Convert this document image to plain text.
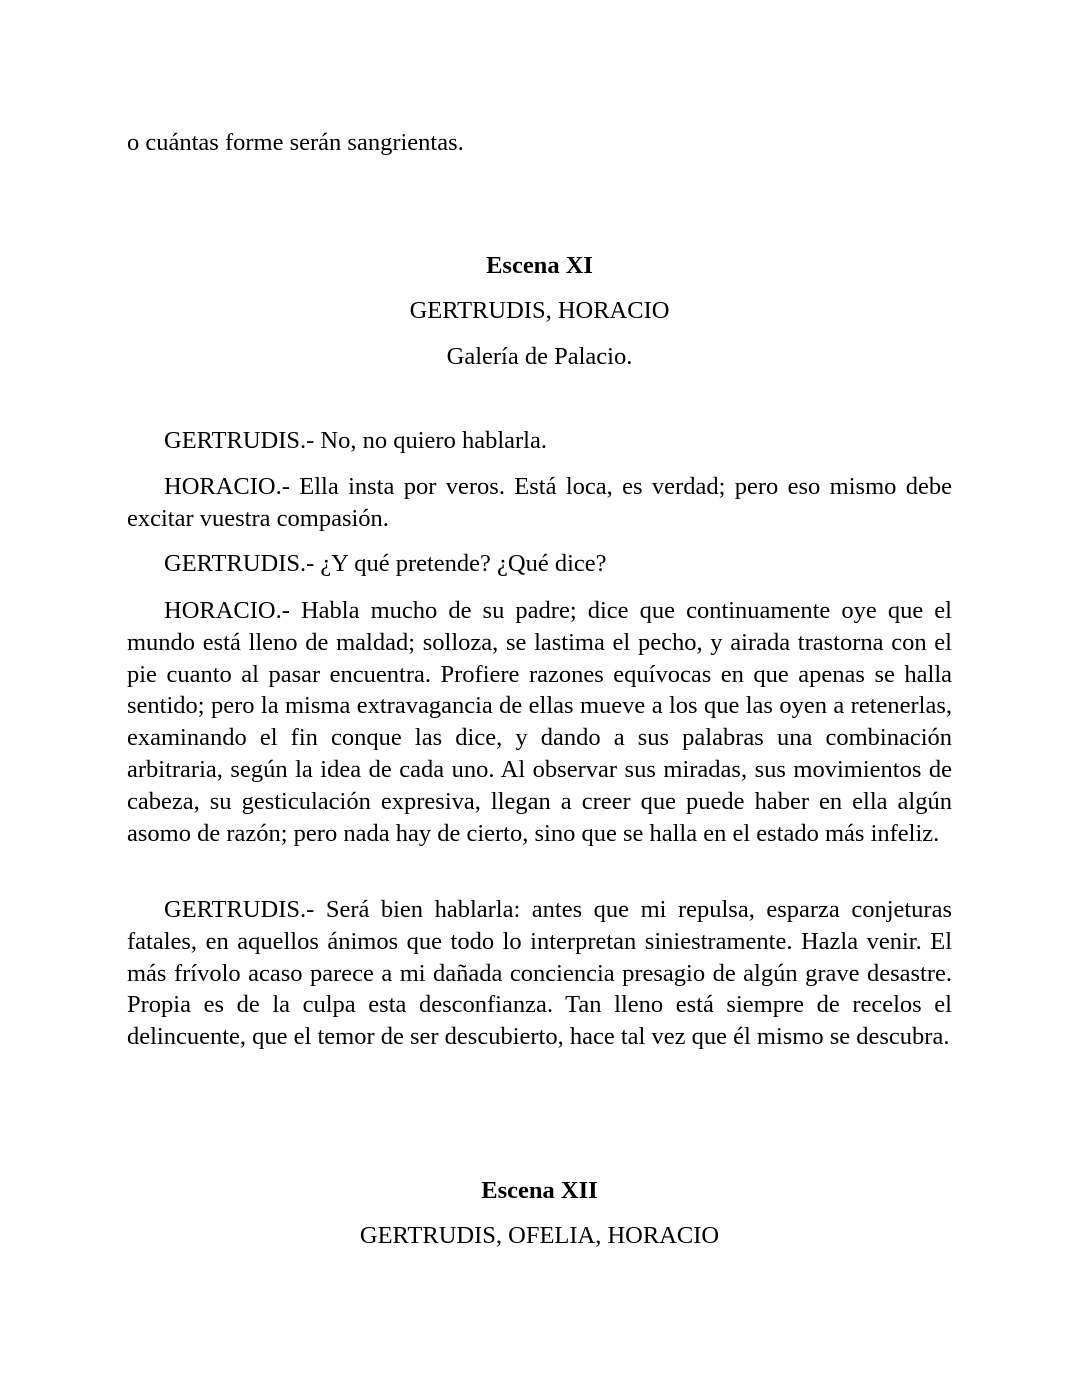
o cuántas forme serán sangrientas.

Escena XI
GERTRUDIS, HORACIO
Galería de Palacio.

GERTRUDIS.- No, no quiero hablarla.

HORACIO.- Ella insta por veros. Está loca, es verdad; pero eso mismo debe excitar vuestra compasión.

GERTRUDIS.- ¿Y qué pretende? ¿Qué dice?

HORACIO.- Habla mucho de su padre; dice que continuamente oye que el mundo está lleno de maldad; solloza, se lastima el pecho, y airada trastorna con el pie cuanto al pasar encuentra. Profiere razones equívocas en que apenas se halla sentido; pero la misma extravagancia de ellas mueve a los que las oyen a retenerlas, examinando el fin conque las dice, y dando a sus palabras una combinación arbitraria, según la idea de cada uno. Al observar sus miradas, sus movimientos de cabeza, su gesticulación expresiva, llegan a creer que puede haber en ella algún asomo de razón; pero nada hay de cierto, sino que se halla en el estado más infeliz.

GERTRUDIS.- Será bien hablarla: antes que mi repulsa, esparza conjeturas fatales, en aquellos ánimos que todo lo interpretan siniestramente. Hazla venir. El más frívolo acaso parece a mi dañada conciencia presagio de algún grave desastre. Propia es de la culpa esta desconfianza. Tan lleno está siempre de recelos el delincuente, que el temor de ser descubierto, hace tal vez que él mismo se descubra.

Escena XII
GERTRUDIS, OFELIA, HORACIO
